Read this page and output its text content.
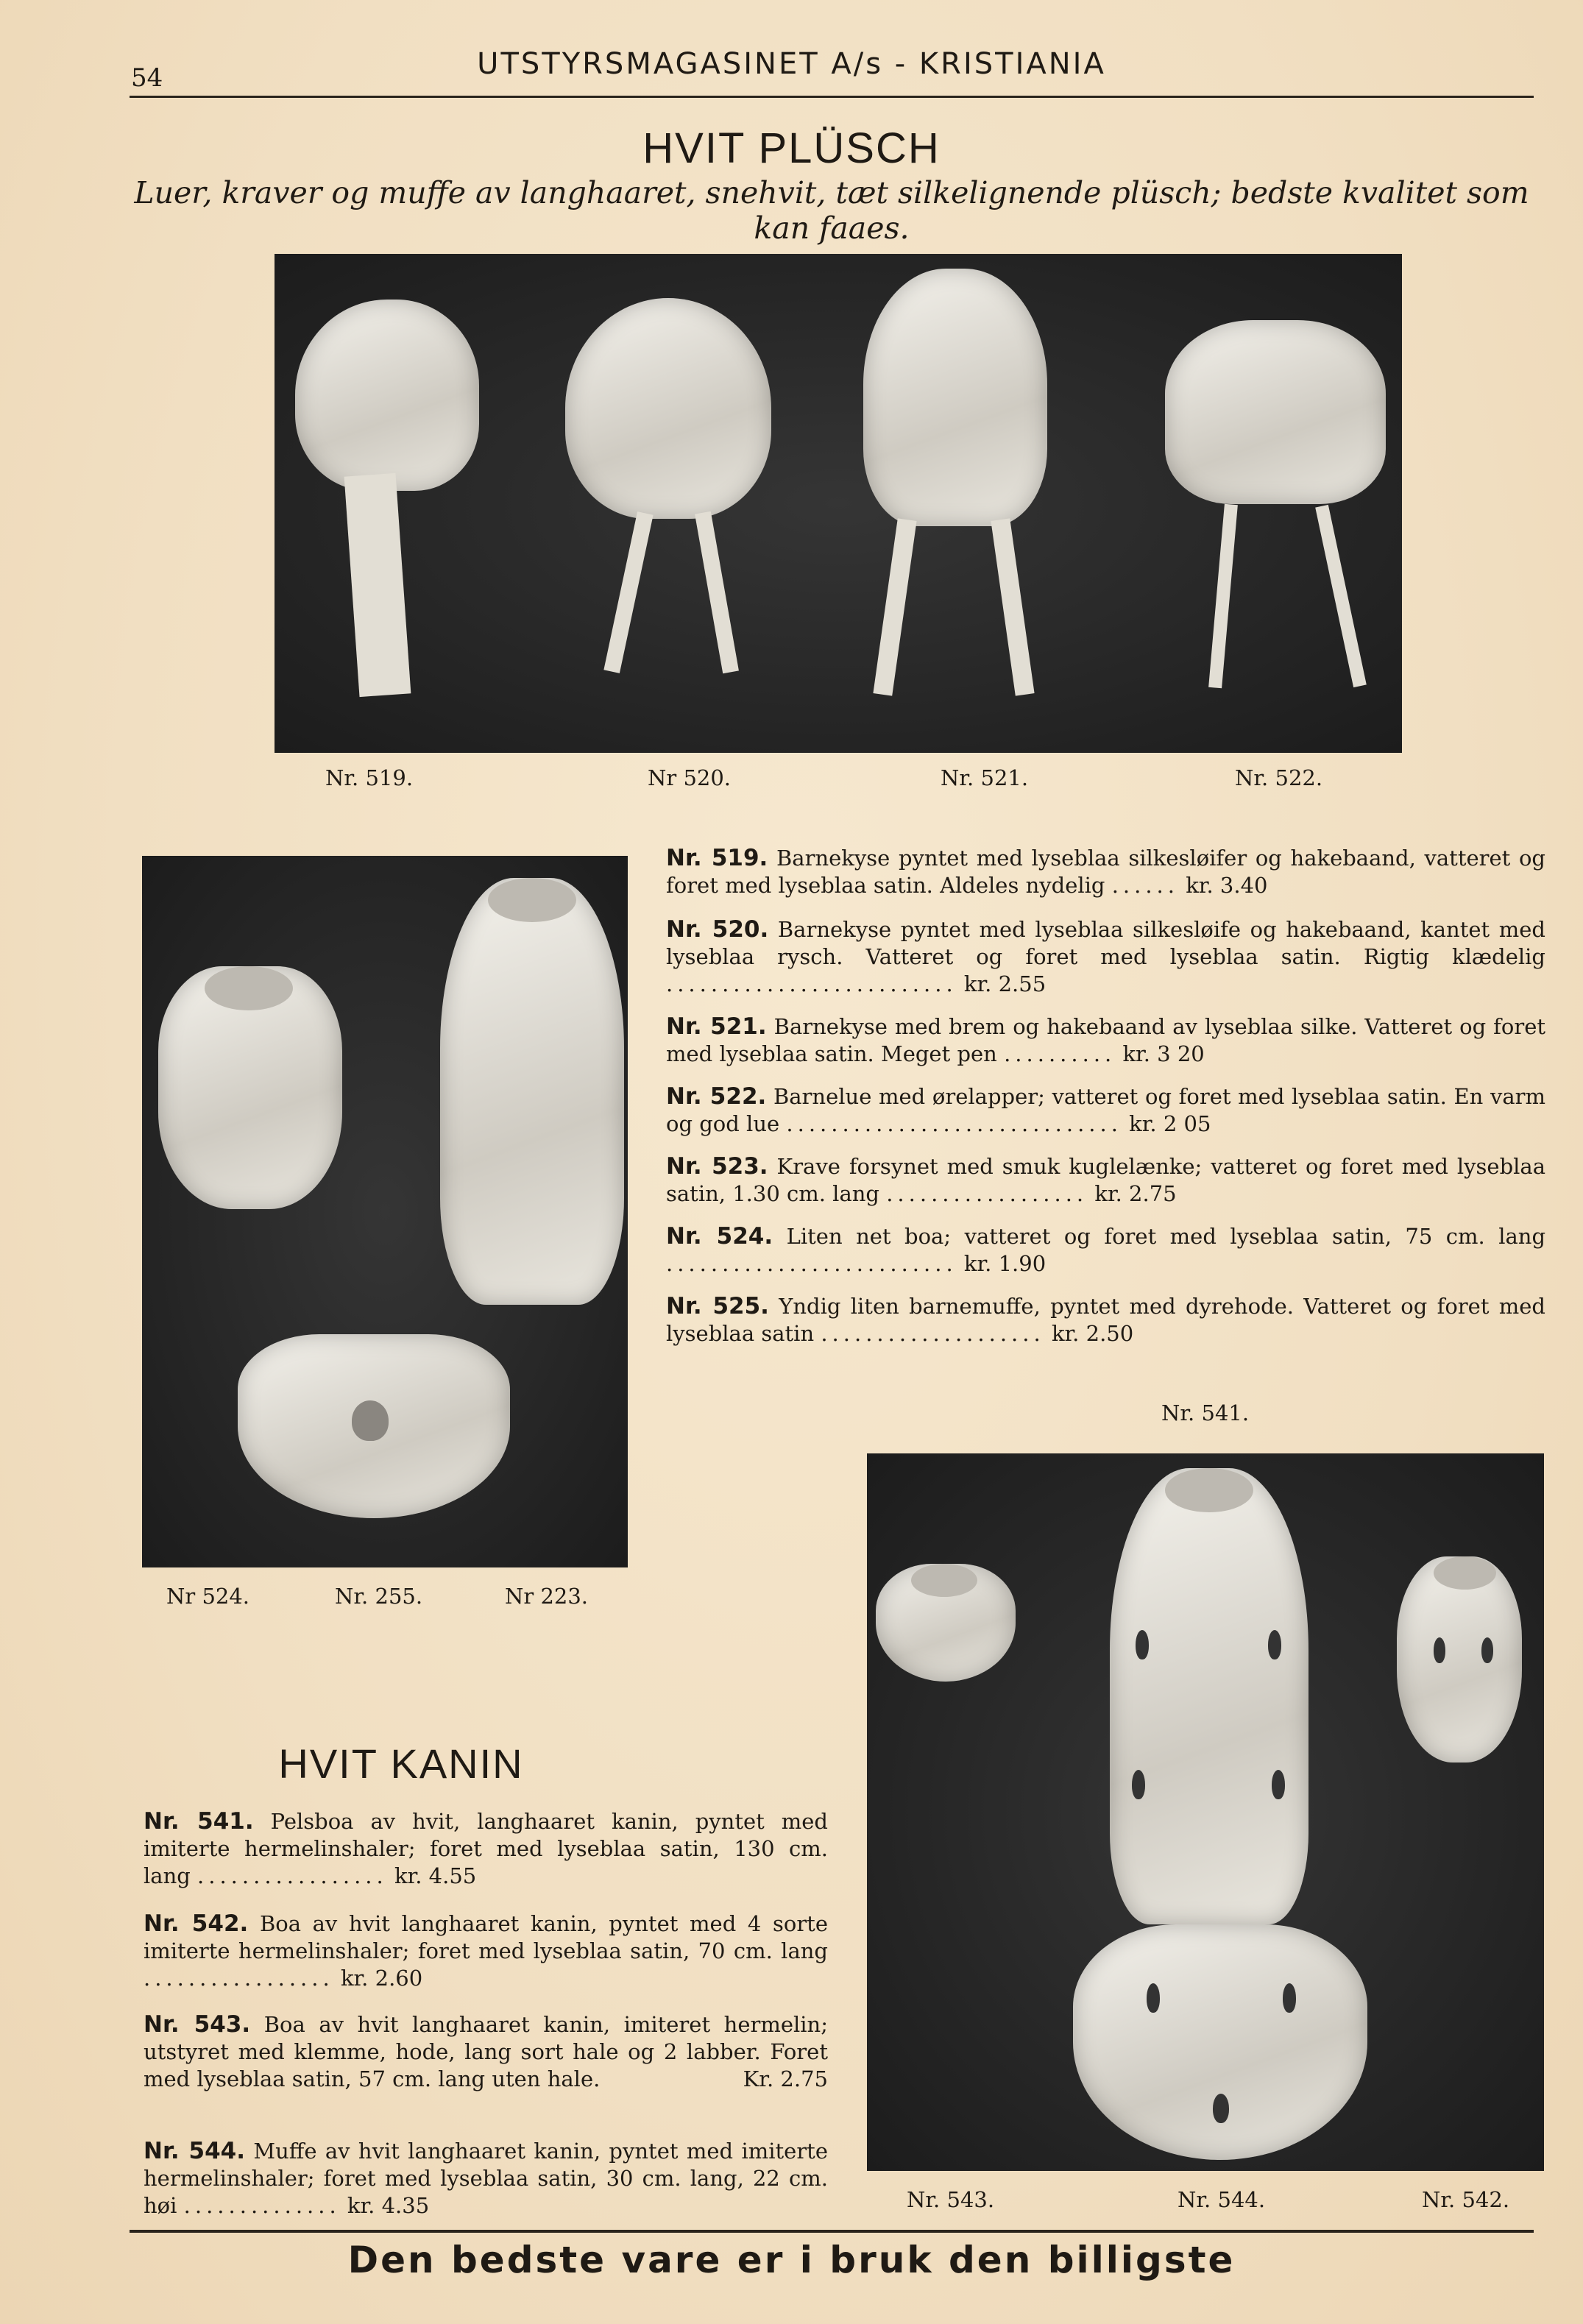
54	UTSTYRSMAGASINET A/s - KRISTIANIA
HVIT PLÜSCH
Luer, kraver og muffe av langhaaret, snehvit, tæt silkelignende plüsch; bedste kvalitet som kan faaes.
Nr. 519.	Nr 520.	Nr. 521.	Nr. 522.
Nr 524.	Nr. 255.	Nr 223.
Nr. 519. Barnekyse pyntet med lyseblaa silkesløifer og hakebaand, vatteret og foret med lyseblaa satin. Aldeles nydelig ...... kr. 3.40
Nr. 520. Barnekyse pyntet med lyseblaa silkesløife og hakebaand, kantet med lyseblaa rysch. Vatteret og foret med lyseblaa satin. Rigtig klædelig .......................... kr. 2.55
Nr. 521. Barnekyse med brem og hakebaand av lyseblaa silke. Vatteret og foret med lyseblaa satin. Meget pen .......... kr. 3 20
Nr. 522. Barnelue med ørelapper; vatteret og foret med lyseblaa satin. En varm og god lue .............................. kr. 2 05
Nr. 523. Krave forsynet med smuk kuglelænke; vatteret og foret med lyseblaa satin, 1.30 cm. lang .................. kr. 2.75
Nr. 524. Liten net boa; vatteret og foret med lyseblaa satin, 75 cm. lang .......................... kr. 1.90
Nr. 525. Yndig liten barnemuffe, pyntet med dyrehode. Vatteret og foret med lyseblaa satin .................... kr. 2.50
Nr. 541.
Nr. 543.	Nr. 544.	Nr. 542.
HVIT KANIN
Nr. 541. Pelsboa av hvit, langhaaret kanin, pyntet med imiterte hermelinshaler; foret med lyseblaa satin, 130 cm. lang ................. kr. 4.55
Nr. 542. Boa av hvit langhaaret kanin, pyntet med 4 sorte imiterte hermelinshaler; foret med lyseblaa satin, 70 cm. lang ................. kr. 2.60
Nr. 543. Boa av hvit langhaaret kanin, imiteret hermelin; utstyret med klemme, hode, lang sort hale og 2 labber. Foret med lyseblaa satin, 57 cm. lang uten hale.	Kr. 2.75
Nr. 544. Muffe av hvit langhaaret kanin, pyntet med imiterte hermelinshaler; foret med lyseblaa satin, 30 cm. lang, 22 cm. høi .............. kr. 4.35
Den bedste vare er i bruk den billigste
